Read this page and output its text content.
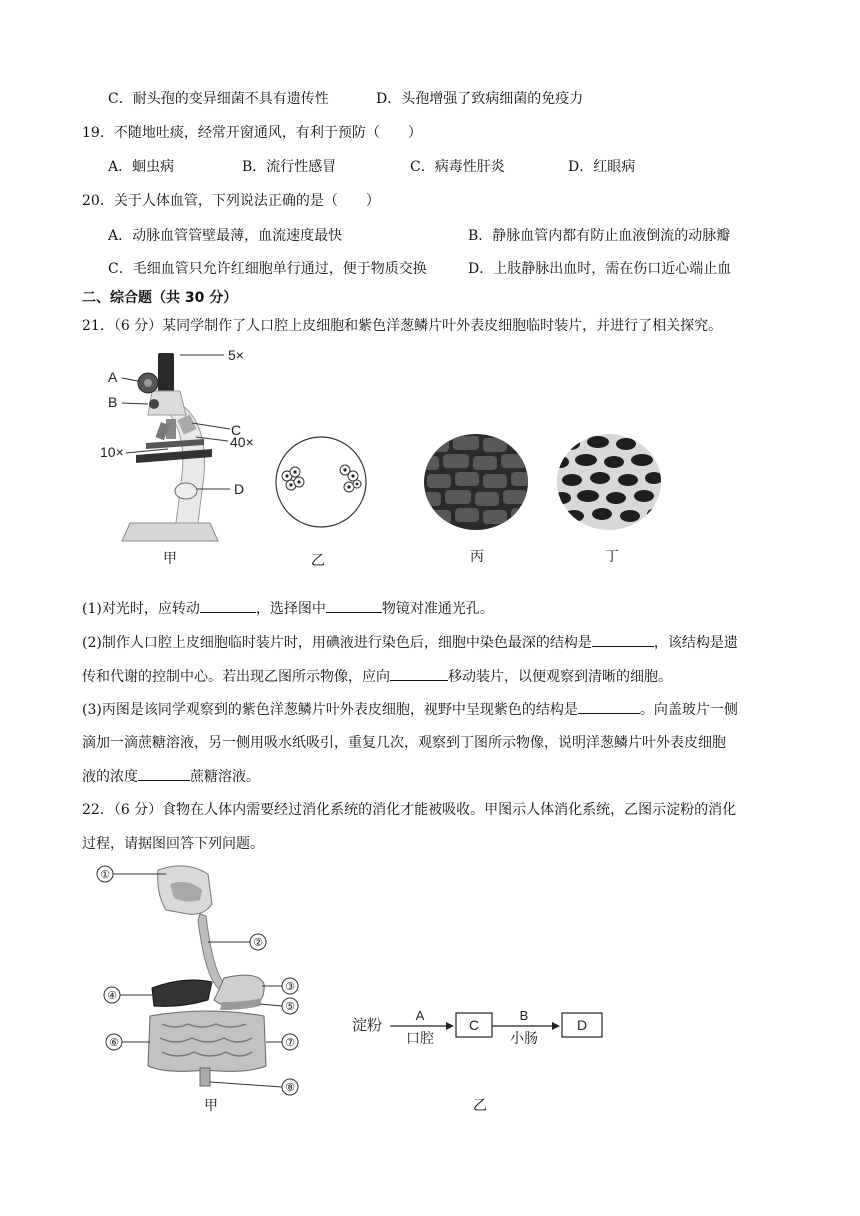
C．耐头孢的变异细菌不具有遗传性	D．头孢增强了致病细菌的免疫力
19．不随地吐痰，经常开窗通风，有利于预防（　　）
A．蛔虫病	B．流行性感冒	C．病毒性肝炎	D．红眼病
20．关于人体血管，下列说法正确的是（　　）
A．动脉血管管壁最薄，血流速度最快	B．静脉血管内都有防止血液倒流的动脉瓣
C．毛细血管只允许红细胞单行通过，便于物质交换	D．上肢静脉出血时，需在伤口近心端止血
二、综合题（共 30 分）
21．（6 分）某同学制作了人口腔上皮细胞和紫色洋葱鳞片叶外表皮细胞临时装片，并进行了相关探究。
5×
A
B
C
40×
10×
D
甲	乙	丙	丁
(1)对光时，应转动	，选择图中	物镜对准通光孔。
(2)制作人口腔上皮细胞临时装片时，用碘液进行染色后，细胞中染色最深的结构是	，该结构是遗
传和代谢的控制中心。若出现乙图所示物像，应向	移动装片，以便观察到清晰的细胞。
(3)丙图是该同学观察到的紫色洋葱鳞片叶外表皮细胞，视野中呈现紫色的结构是	。向盖玻片一侧
滴加一滴蔗糖溶液，另一侧用吸水纸吸引，重复几次，观察到丁图所示物像，说明洋葱鳞片叶外表皮细胞
液的浓度	蔗糖溶液。
22．（6 分）食物在人体内需要经过消化系统的消化才能被吸收。甲图示人体消化系统，乙图示淀粉的消化
过程，请据图回答下列问题。
①
②
③
④
⑤
⑥	⑦
⑧
甲
淀粉
A
口腔
C
B
小肠
D
乙
